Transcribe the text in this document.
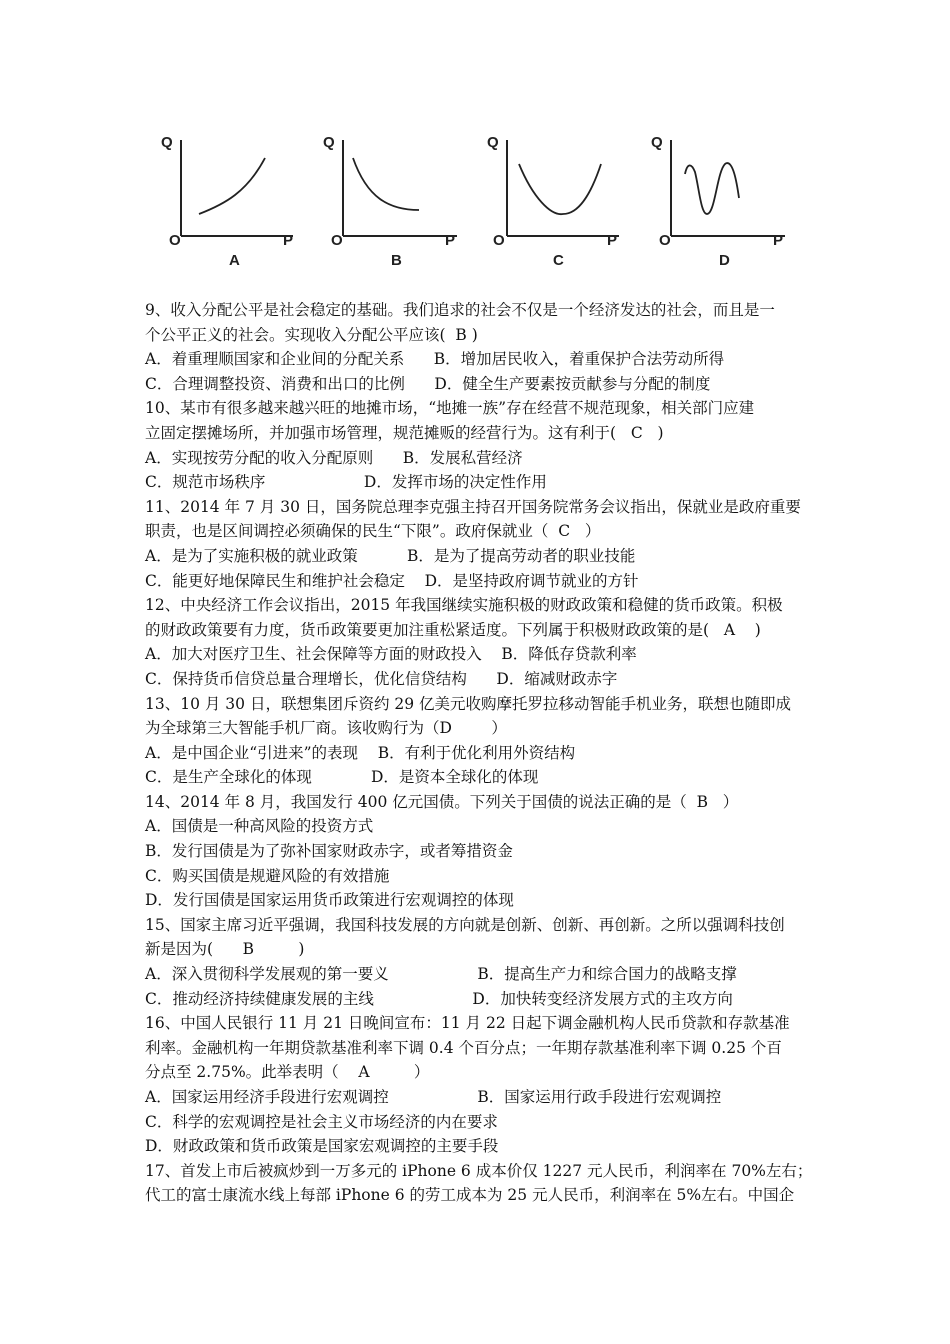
Q
O	P
A
Q
O	P
B
Q
O	P
C
Q
O	P
D
9、收入分配公平是社会稳定的基础。我们追求的社会不仅是一个经济发达的社会，而且是一
个公平正义的社会。实现收入分配公平应该(  B )
A．着重理顺国家和企业间的分配关系      B．增加居民收入，着重保护合法劳动所得
C．合理调整投资、消费和出口的比例      D．健全生产要素按贡献参与分配的制度
10、某市有很多越来越兴旺的地摊市场，“地摊一族”存在经营不规范现象，相关部门应建
立固定摆摊场所，并加强市场管理，规范摊贩的经营行为。这有利于(   C   )
A．实现按劳分配的收入分配原则      B．发展私营经济
C．规范市场秩序                    D．发挥市场的决定性作用
11、2014 年 7 月 30 日，国务院总理李克强主持召开国务院常务会议指出，保就业是政府重要
职责，也是区间调控必须确保的民生“下限”。政府保就业（  C   ）
A．是为了实施积极的就业政策          B．是为了提高劳动者的职业技能
C．能更好地保障民生和维护社会稳定    D．是坚持政府调节就业的方针
12、中央经济工作会议指出，2015 年我国继续实施积极的财政政策和稳健的货币政策。积极
的财政政策要有力度，货币政策要更加注重松紧适度。下列属于积极财政政策的是(   A    )
A．加大对医疗卫生、社会保障等方面的财政投入    B．降低存贷款利率
C．保持货币信贷总量合理增长，优化信贷结构      D．缩减财政赤字
13、10 月 30 日，联想集团斥资约 29 亿美元收购摩托罗拉移动智能手机业务，联想也随即成
为全球第三大智能手机厂商。该收购行为（D        ）
A．是中国企业“引进来”的表现    B．有利于优化利用外资结构
C．是生产全球化的体现            D．是资本全球化的体现
14、2014 年 8 月，我国发行 400 亿元国债。下列关于国债的说法正确的是（  B   ）
A．国债是一种高风险的投资方式
B．发行国债是为了弥补国家财政赤字，或者筹措资金
C．购买国债是规避风险的有效措施
D．发行国债是国家运用货币政策进行宏观调控的体现
15、国家主席习近平强调，我国科技发展的方向就是创新、创新、再创新。之所以强调科技创
新是因为(      B         )
A．深入贯彻科学发展观的第一要义                  B．提高生产力和综合国力的战略支撑
C．推动经济持续健康发展的主线                    D．加快转变经济发展方式的主攻方向
16、中国人民银行 11 月 21 日晚间宣布：11 月 22 日起下调金融机构人民币贷款和存款基准
利率。金融机构一年期贷款基准利率下调 0.4 个百分点；一年期存款基准利率下调 0.25 个百
分点至 2.75%。此举表明（    A         ）
A．国家运用经济手段进行宏观调控                  B．国家运用行政手段进行宏观调控
C．科学的宏观调控是社会主义市场经济的内在要求
D．财政政策和货币政策是国家宏观调控的主要手段
17、首发上市后被疯炒到一万多元的 iPhone 6 成本价仅 1227 元人民币，利润率在 70%左右；
代工的富士康流水线上每部 iPhone 6 的劳工成本为 25 元人民币，利润率在 5%左右。中国企
